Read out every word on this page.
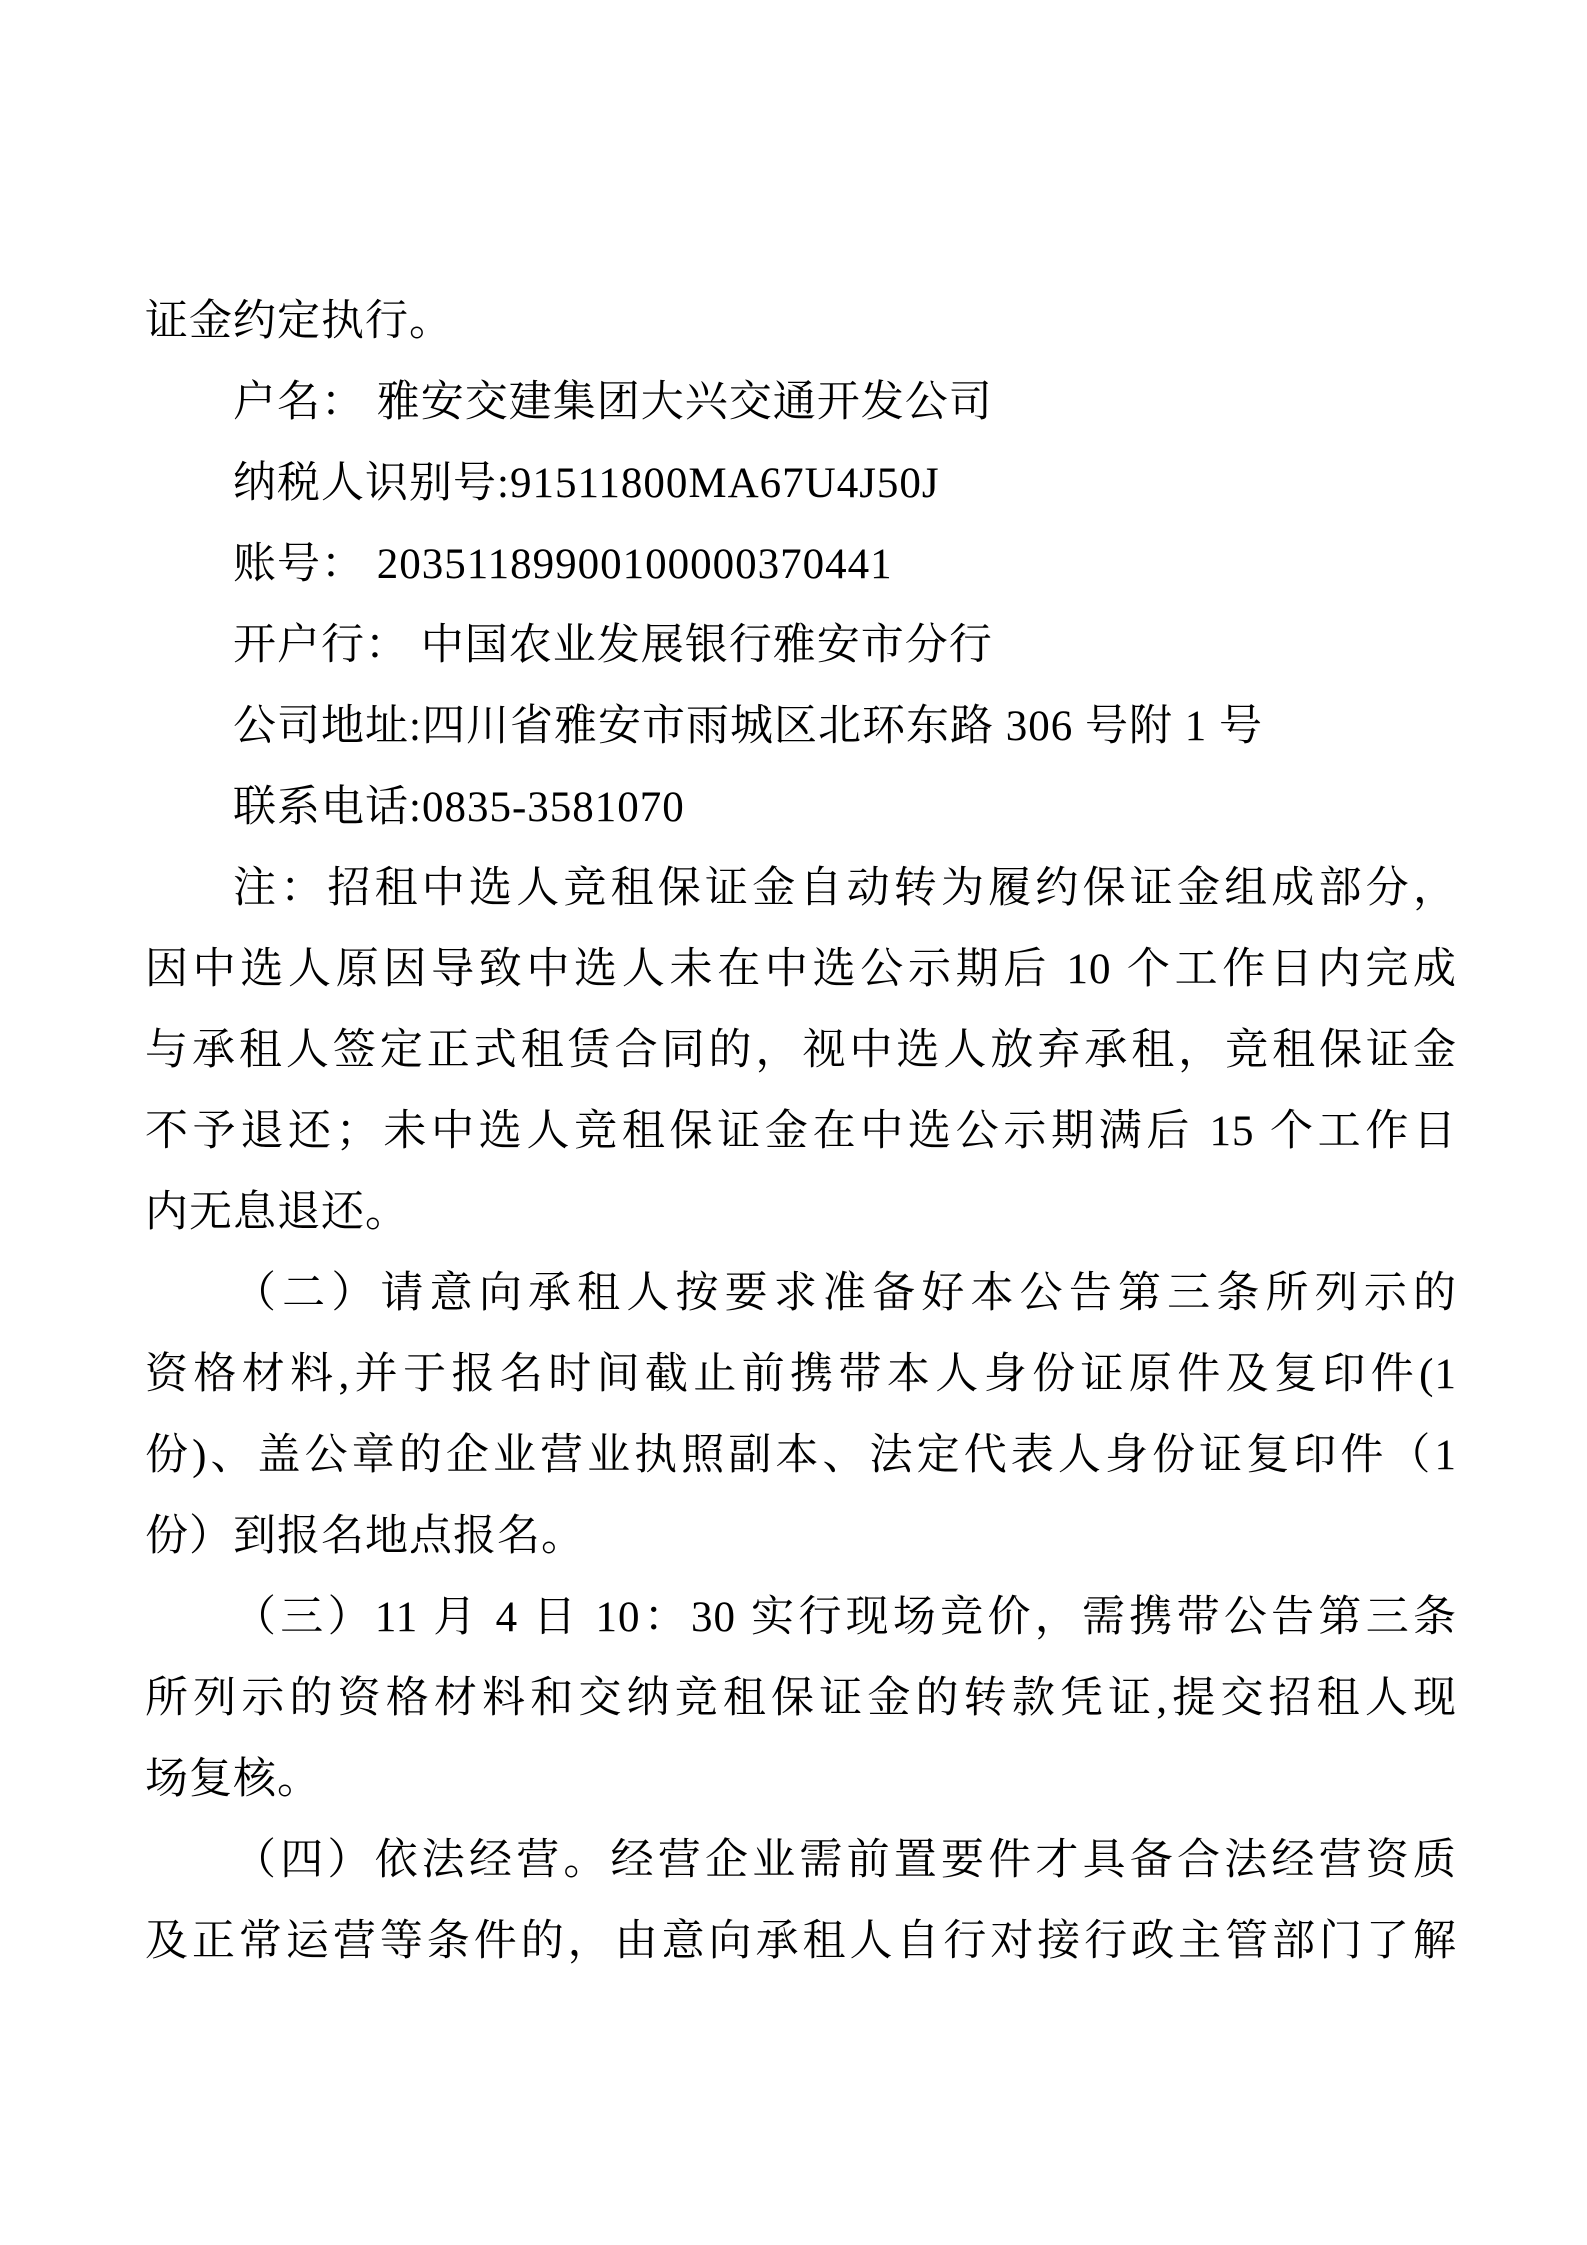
证金约定执行。

户名： 雅安交建集团大兴交通开发公司

纳税人识别号:91511800MA67U4J50J

账号： 20351189900100000370441

开户行： 中国农业发展银行雅安市分行

公司地址:四川省雅安市雨城区北环东路 306 号附 1 号

联系电话:0835-3581070

注：招租中选人竞租保证金自动转为履约保证金组成部分，

因中选人原因导致中选人未在中选公示期后 10 个工作日内完成

与承租人签定正式租赁合同的，视中选人放弃承租，竞租保证金

不予退还；未中选人竞租保证金在中选公示期满后 15 个工作日

内无息退还。

（二）请意向承租人按要求准备好本公告第三条所列示的

资格材料,并于报名时间截止前携带本人身份证原件及复印件(1

份)、盖公章的企业营业执照副本、法定代表人身份证复印件（1

份）到报名地点报名。

（三）11 月 4 日 10：30 实行现场竞价，需携带公告第三条

所列示的资格材料和交纳竞租保证金的转款凭证,提交招租人现

场复核。

（四）依法经营。经营企业需前置要件才具备合法经营资质

及正常运营等条件的，由意向承租人自行对接行政主管部门了解
